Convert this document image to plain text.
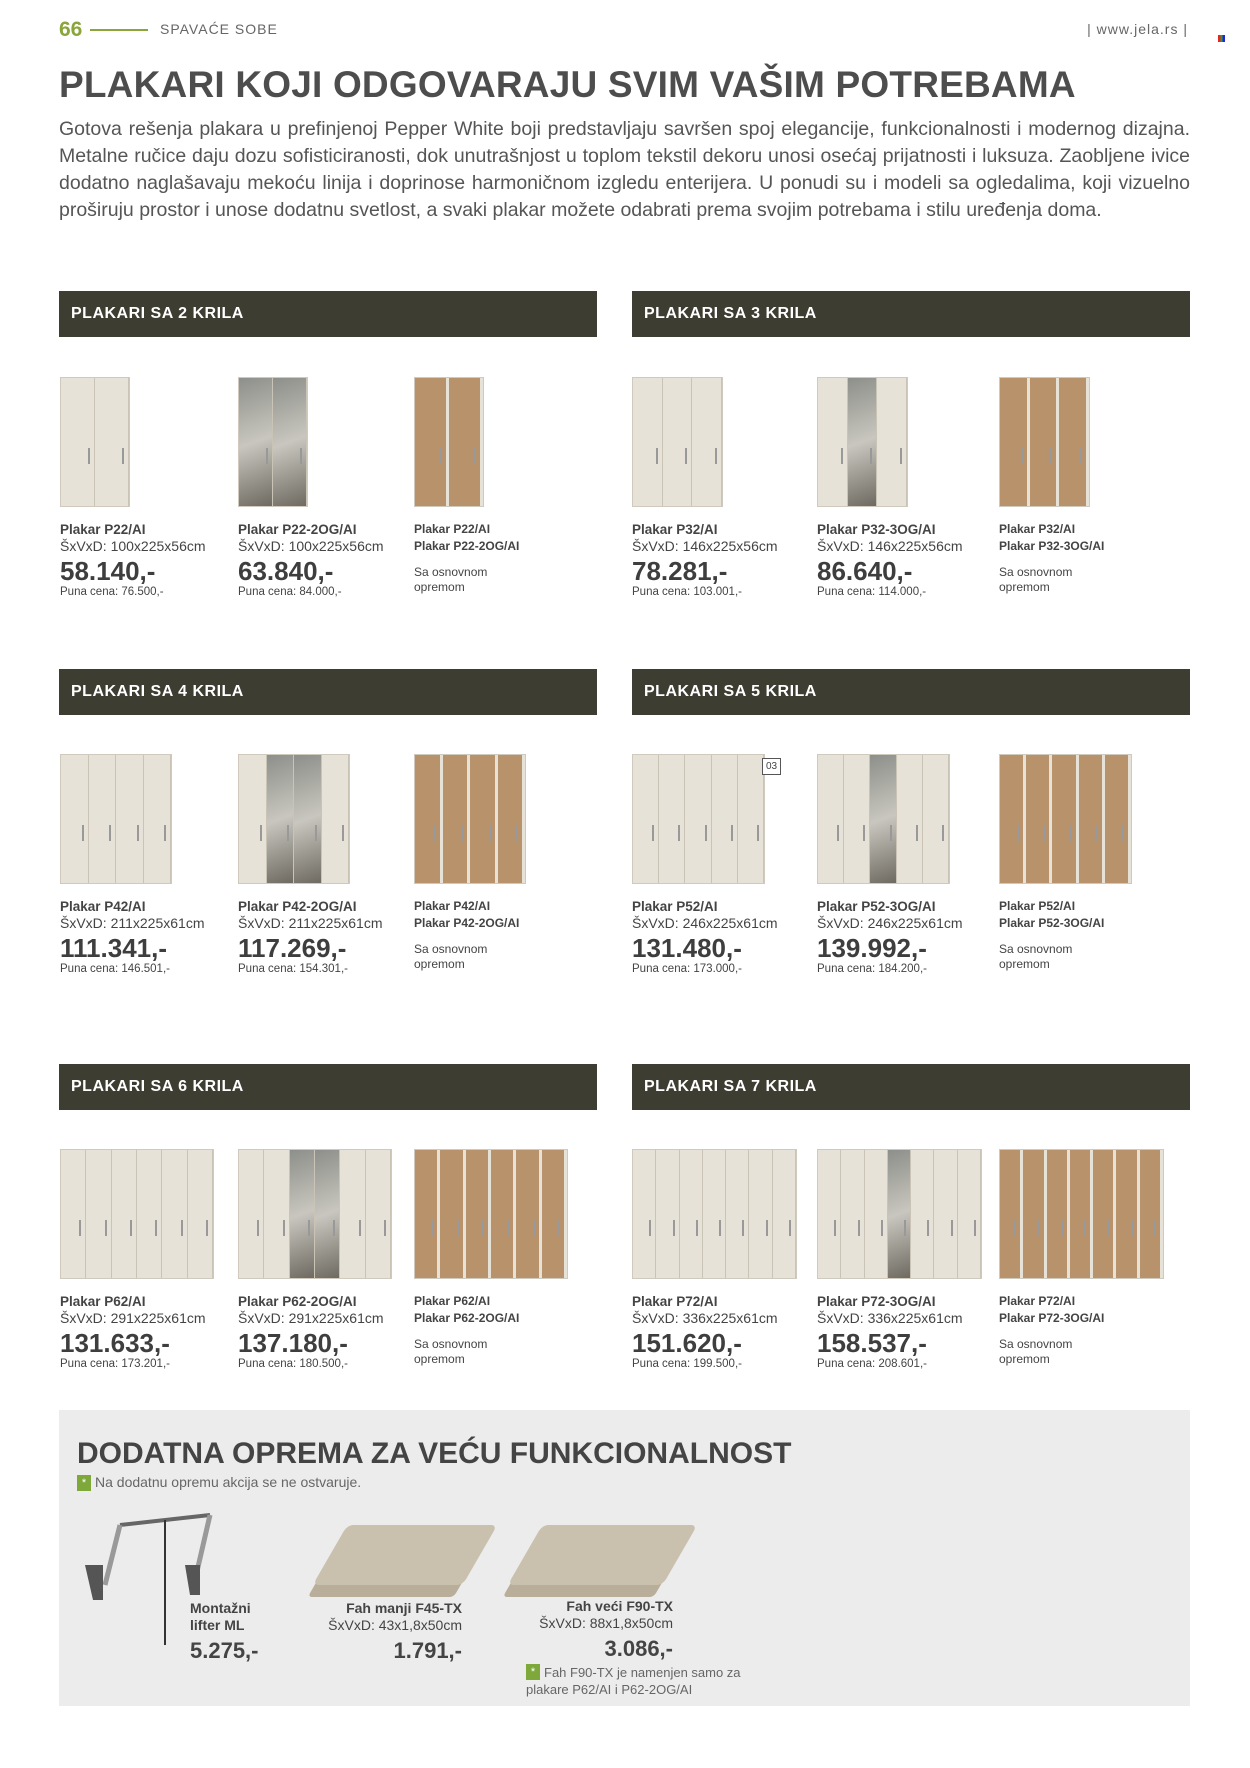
66	SPAVAĆE SOBE	| www.jela.rs |
PLAKARI KOJI ODGOVARAJU SVIM VAŠIM POTREBAMA
Gotova rešenja plakara u prefinjenoj Pepper White boji predstavljaju savršen spoj elegancije, funkcionalnosti i modernog dizajna. Metalne ručice daju dozu sofisticiranosti, dok unutrašnjost u toplom tekstil dekoru unosi osećaj prijatnosti i luksuza. Zaobljene ivice dodatno naglašavaju mekoću linija i doprinose harmoničnom izgledu enterijera. U ponudi su i modeli sa ogledalima, koji vizuelno proširuju prostor i unose dodatnu svetlost, a svaki plakar možete odabrati prema svojim potrebama i stilu uređenja doma.
PLAKARI SA 2 KRILA
Plakar P22/AI
ŠxVxD: 100x225x56cm
58.140,-
Puna cena: 76.500,-
Plakar P22-2OG/AI
ŠxVxD: 100x225x56cm
63.840,-
Puna cena: 84.000,-
Plakar P22/AI
Plakar P22-2OG/AI
Sa osnovnom opremom
PLAKARI SA 3 KRILA
Plakar P32/AI
ŠxVxD: 146x225x56cm
78.281,-
Puna cena: 103.001,-
Plakar P32-3OG/AI
ŠxVxD: 146x225x56cm
86.640,-
Puna cena: 114.000,-
Plakar P32/AI
Plakar P32-3OG/AI
Sa osnovnom opremom
PLAKARI SA 4 KRILA
Plakar P42/AI
ŠxVxD: 211x225x61cm
111.341,-
Puna cena: 146.501,-
Plakar P42-2OG/AI
ŠxVxD: 211x225x61cm
117.269,-
Puna cena: 154.301,-
Plakar P42/AI
Plakar P42-2OG/AI
Sa osnovnom opremom
PLAKARI SA 5 KRILA
Plakar P52/AI
ŠxVxD: 246x225x61cm
131.480,-
Puna cena: 173.000,-
03
Plakar P52-3OG/AI
ŠxVxD: 246x225x61cm
139.992,-
Puna cena: 184.200,-
Plakar P52/AI
Plakar P52-3OG/AI
Sa osnovnom opremom
PLAKARI SA 6 KRILA
Plakar P62/AI
ŠxVxD: 291x225x61cm
131.633,-
Puna cena: 173.201,-
Plakar P62-2OG/AI
ŠxVxD: 291x225x61cm
137.180,-
Puna cena: 180.500,-
Plakar P62/AI
Plakar P62-2OG/AI
Sa osnovnom opremom
PLAKARI SA 7 KRILA
Plakar P72/AI
ŠxVxD: 336x225x61cm
151.620,-
Puna cena: 199.500,-
Plakar P72-3OG/AI
ŠxVxD: 336x225x61cm
158.537,-
Puna cena: 208.601,-
Plakar P72/AI
Plakar P72-3OG/AI
Sa osnovnom opremom
DODATNA OPREMA ZA VEĆU FUNKCIONALNOST
* Na dodatnu opremu akcija se ne ostvaruje.
Montažni lifter ML
5.275,-
Fah manji F45-TX
ŠxVxD: 43x1,8x50cm
1.791,-
Fah veći F90-TX
ŠxVxD: 88x1,8x50cm
3.086,-
* Fah F90-TX je namenjen samo za plakare P62/AI i P62-2OG/AI
